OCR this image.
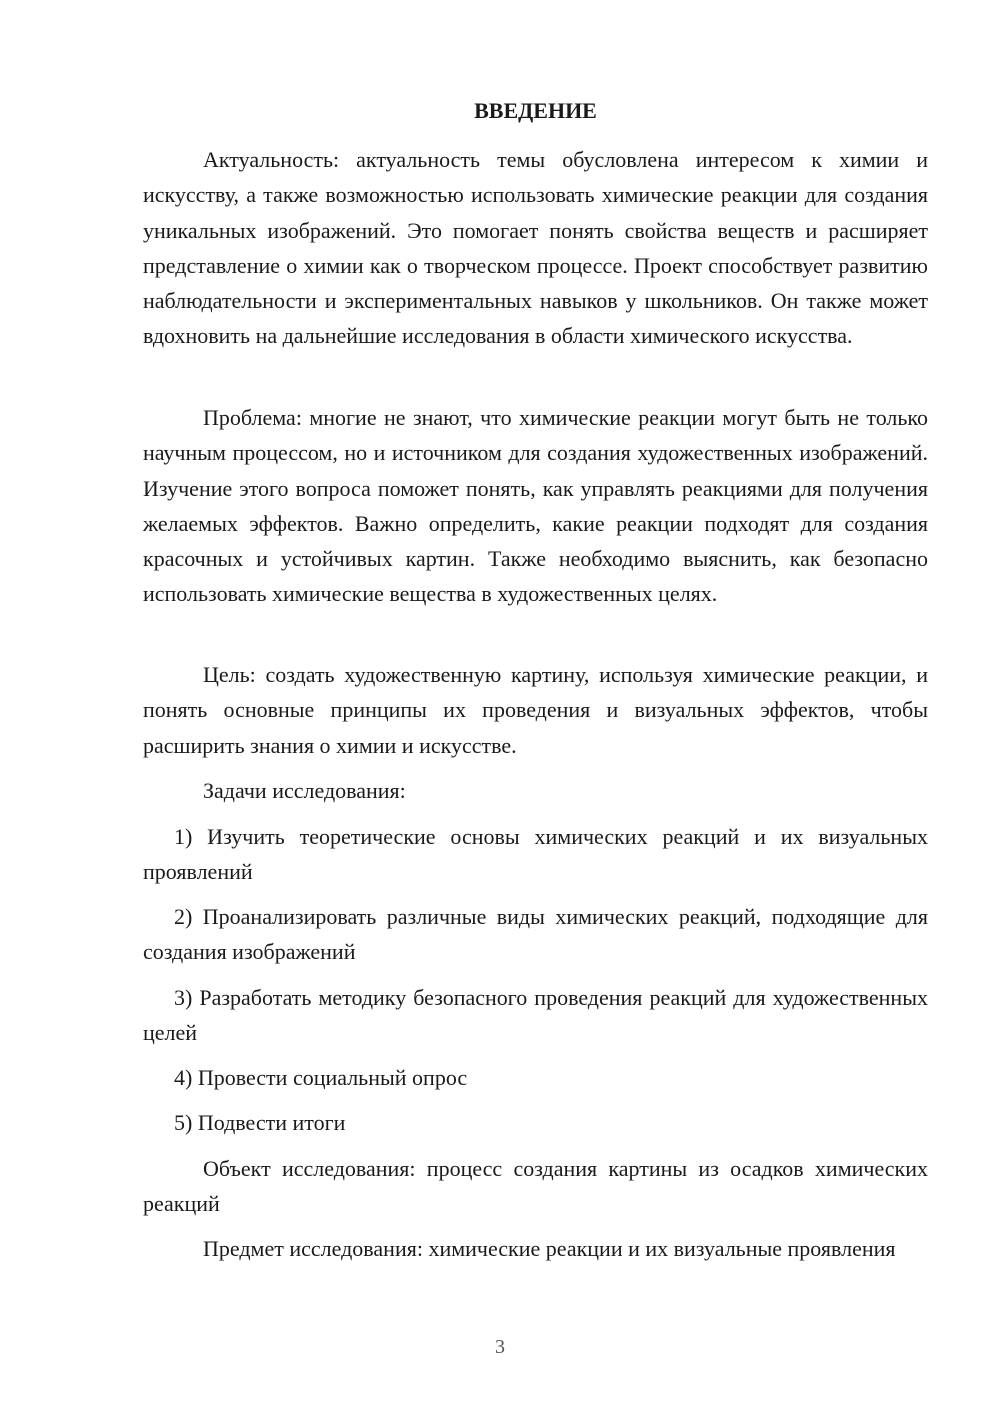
ВВЕДЕНИЕ

Актуальность: актуальность темы обусловлена интересом к химии и искусству, а также возможностью использовать химические реакции для создания уникальных изображений. Это помогает понять свойства веществ и расширяет представление о химии как о творческом процессе. Проект способствует развитию наблюдательности и экспериментальных навыков у школьников. Он также может вдохновить на дальнейшие исследования в области химического искусства.

Проблема: многие не знают, что химические реакции могут быть не только научным процессом, но и источником для создания художественных изображений. Изучение этого вопроса поможет понять, как управлять реакциями для получения желаемых эффектов. Важно определить, какие реакции подходят для создания красочных и устойчивых картин. Также необходимо выяснить, как безопасно использовать химические вещества в художественных целях.

Цель: создать художественную картину, используя химические реакции, и понять основные принципы их проведения и визуальных эффектов, чтобы расширить знания о химии и искусстве.

Задачи исследования:

1) Изучить теоретические основы химических реакций и их визуальных проявлений

2) Проанализировать различные виды химических реакций, подходящие для создания изображений

3) Разработать методику безопасного проведения реакций для художественных целей

4) Провести социальный опрос

5) Подвести итоги

Объект исследования: процесс создания картины из осадков химических реакций

Предмет исследования: химические реакции и их визуальные проявления

3
